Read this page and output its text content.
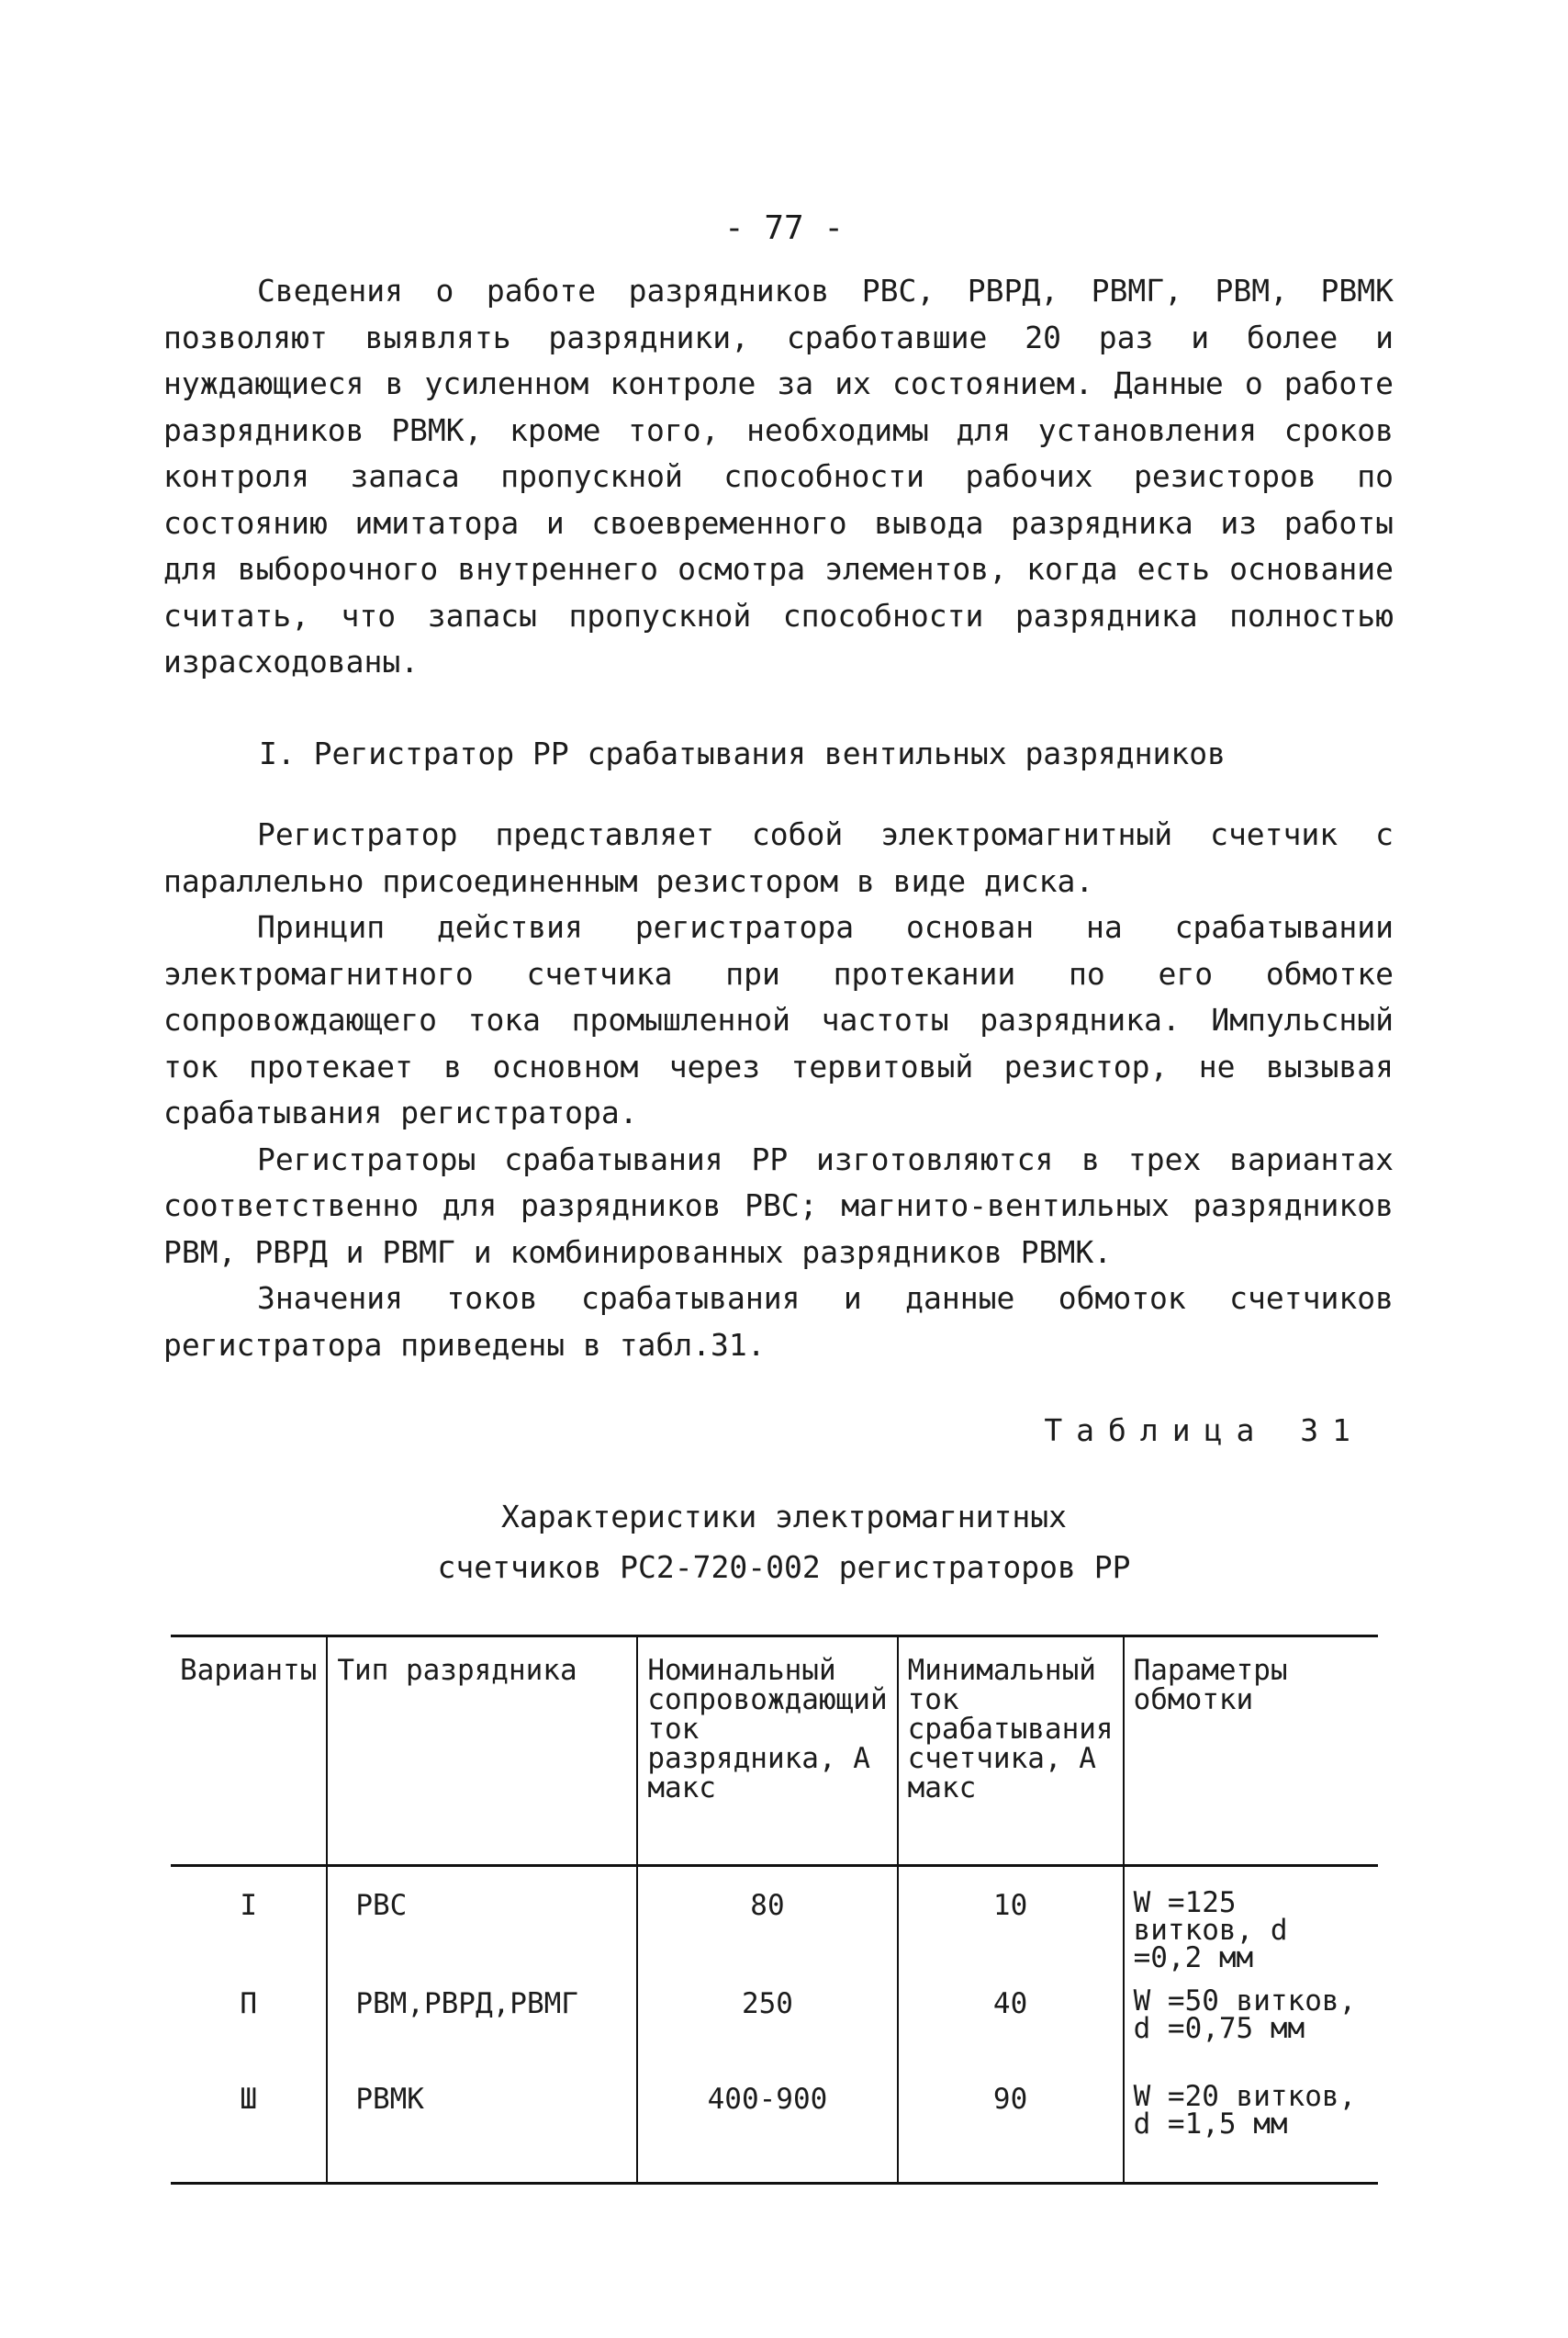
- 77 -

Сведения о работе разрядников РВС, РВРД, РВМГ, РВМ, РВМК позволяют выявлять разрядники, сработавшие 20 раз и более и нуждающиеся в усиленном контроле за их состоянием. Данные о работе разрядников РВМК, кроме того, необходимы для установления сроков контроля запаса пропускной способности рабочих резисторов по состоянию имитатора и своевременного вывода разрядника из работы для выборочного внутреннего осмотра элементов, когда есть основание считать, что запасы пропускной способности разрядника полностью израсходованы.

I. Регистратор РР срабатывания вентильных разрядников

Регистратор представляет собой электромагнитный счетчик с параллельно присоединенным резистором в виде диска.

Принцип действия регистратора основан на срабатывании электромагнитного счетчика при протекании по его обмотке сопровождающего тока промышленной частоты разрядника. Импульсный ток протекает в основном через тервитовый резистор, не вызывая срабатывания регистратора.

Регистраторы срабатывания РР изготовляются в трех вариантах соответственно для разрядников РВС; магнито-вентильных разрядников РВМ, РВРД и РВМГ и комбинированных разрядников РВМК.

Значения токов срабатывания и данные обмоток счетчиков регистратора приведены в табл.31.

Таблица 31
Характеристики электромагнитных
счетчиков РС2-720-002 регистраторов РР
Варианты	Тип разрядника	Номинальный сопровождающий ток разрядника, А макс	Минимальный ток срабатывания счетчика, А макс	Параметры обмотки
I	РВС	80	10	W =125 витков, d =0,2 мм

П	РВМ,РВРД,РВМГ	250	40	W =50 витков, d =0,75 мм

Ш	РВМК	400-900	90	W =20 витков, d =1,5 мм
